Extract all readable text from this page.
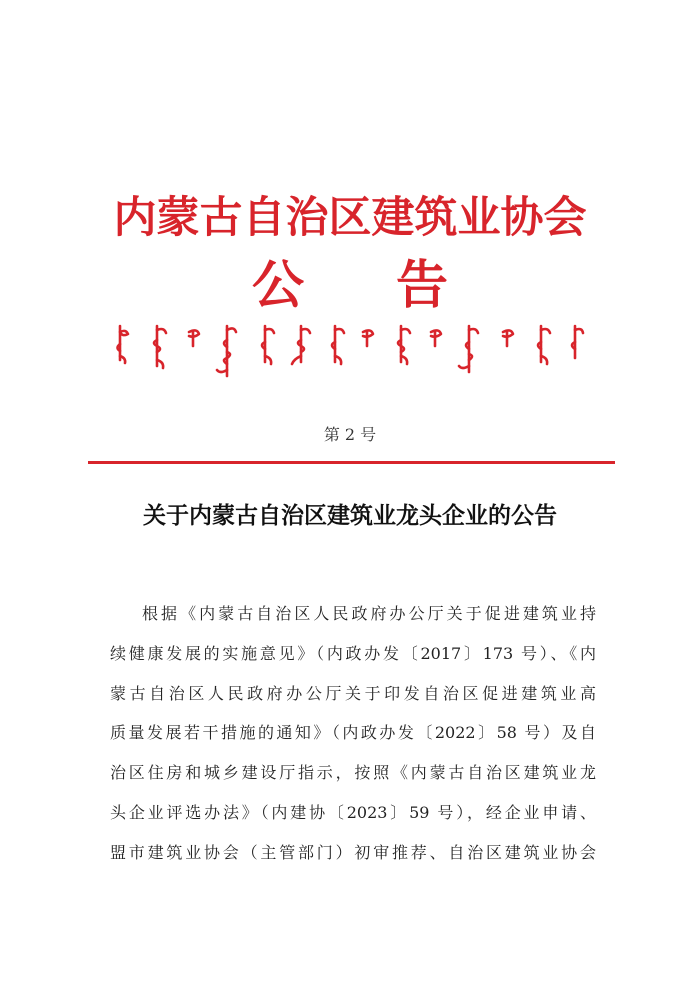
内蒙古自治区建筑业协会
公 告
第 2 号
关于内蒙古自治区建筑业龙头企业的公告
根据《内蒙古自治区人民政府办公厅关于促进建筑业持
续健康发展的实施意见》（内政办发〔2017〕173 号）、《内
蒙古自治区人民政府办公厅关于印发自治区促进建筑业高
质量发展若干措施的通知》（内政办发〔2022〕58 号）及自
治区住房和城乡建设厅指示，按照《内蒙古自治区建筑业龙
头企业评选办法》（内建协〔2023〕59 号），经企业申请、
盟市建筑业协会（主管部门）初审推荐、自治区建筑业协会
